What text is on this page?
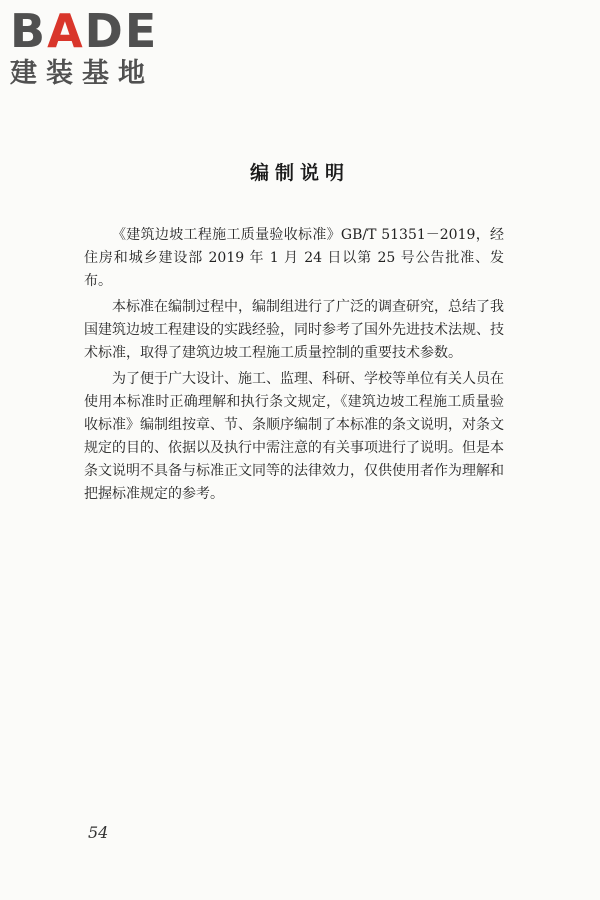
BADE
建装基地
编制说明

《建筑边坡工程施工质量验收标准》GB/T 51351－2019，经住房和城乡建设部 2019 年 1 月 24 日以第 25 号公告批准、发布。

本标准在编制过程中，编制组进行了广泛的调查研究，总结了我国建筑边坡工程建设的实践经验，同时参考了国外先进技术法规、技术标准，取得了建筑边坡工程施工质量控制的重要技术参数。

为了便于广大设计、施工、监理、科研、学校等单位有关人员在使用本标准时正确理解和执行条文规定，《建筑边坡工程施工质量验收标准》编制组按章、节、条顺序编制了本标准的条文说明，对条文规定的目的、依据以及执行中需注意的有关事项进行了说明。但是本条文说明不具备与标准正文同等的法律效力，仅供使用者作为理解和把握标准规定的参考。

54
